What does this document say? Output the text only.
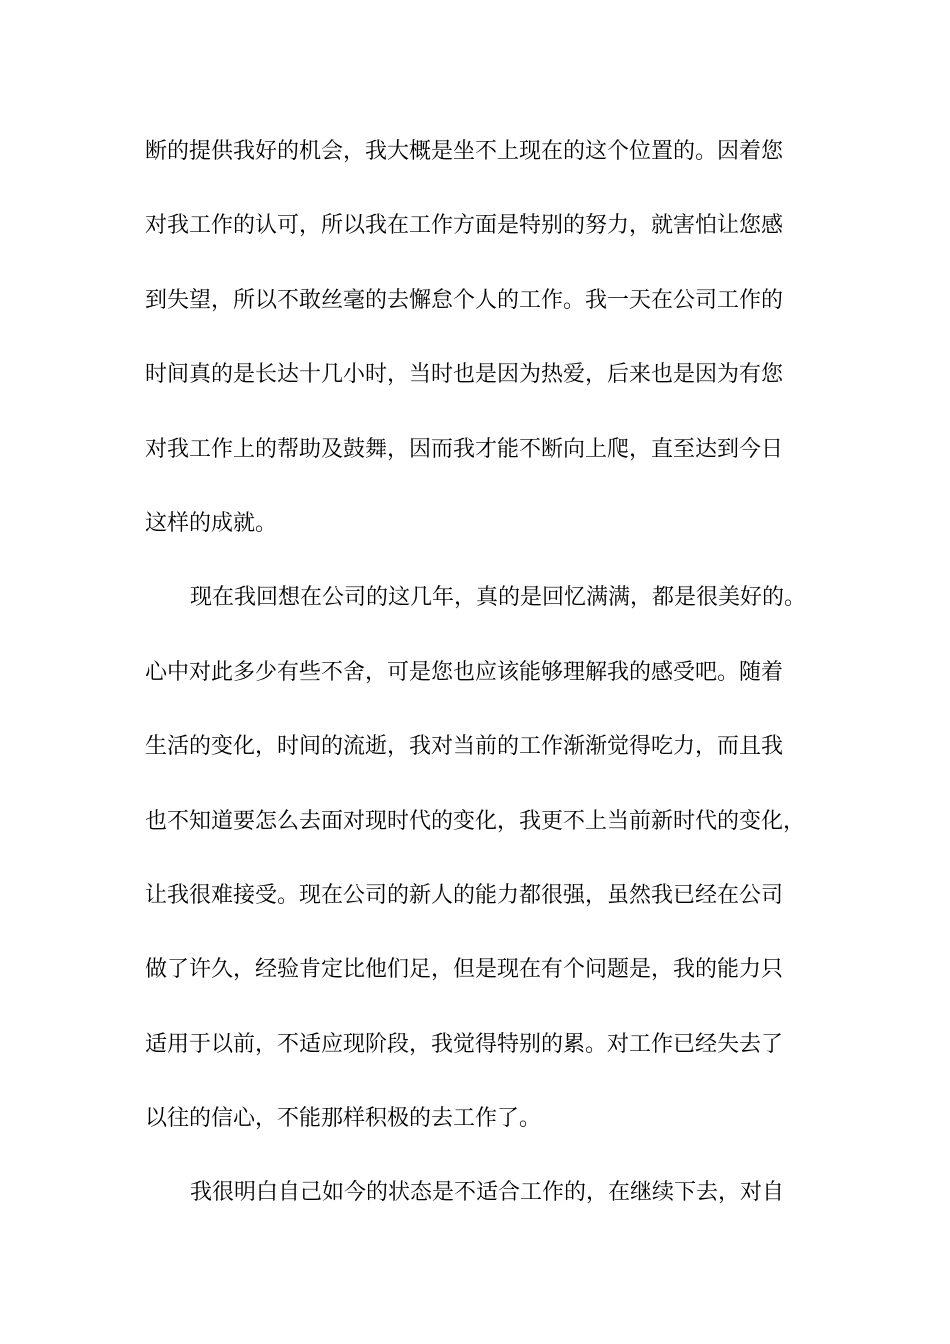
断的提供我好的机会，我大概是坐不上现在的这个位置的。因着您
对我工作的认可，所以我在工作方面是特别的努力，就害怕让您感
到失望，所以不敢丝毫的去懈怠个人的工作。我一天在公司工作的
时间真的是长达十几小时，当时也是因为热爱，后来也是因为有您
对我工作上的帮助及鼓舞，因而我才能不断向上爬，直至达到今日
这样的成就。
现在我回想在公司的这几年，真的是回忆满满，都是很美好的。
心中对此多少有些不舍，可是您也应该能够理解我的感受吧。随着
生活的变化，时间的流逝，我对当前的工作渐渐觉得吃力，而且我
也不知道要怎么去面对现时代的变化，我更不上当前新时代的变化，
让我很难接受。现在公司的新人的能力都很强，虽然我已经在公司
做了许久，经验肯定比他们足，但是现在有个问题是，我的能力只
适用于以前，不适应现阶段，我觉得特别的累。对工作已经失去了
以往的信心，不能那样积极的去工作了。
我很明白自己如今的状态是不适合工作的，在继续下去，对自
